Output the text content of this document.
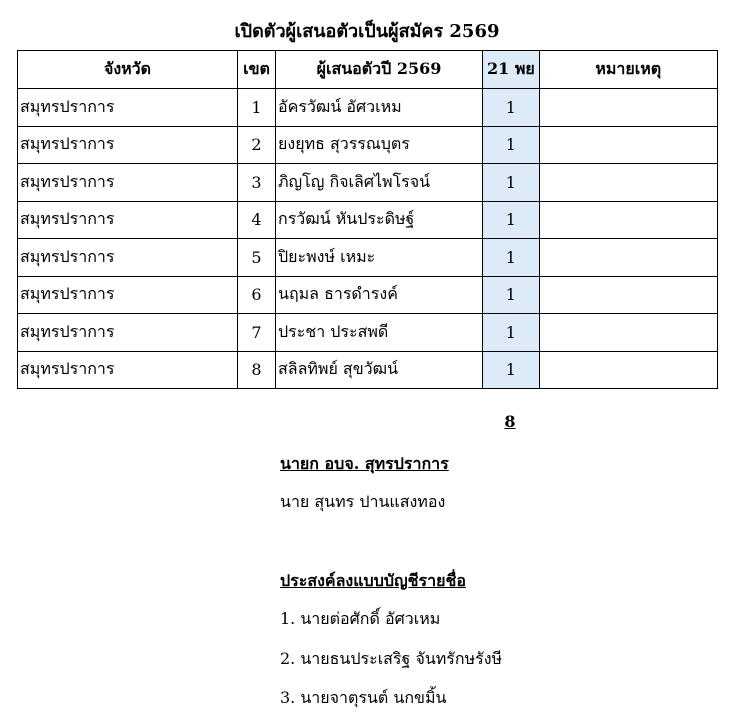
เปิดตัวผู้เสนอตัวเป็นผู้สมัคร 2569
จังหวัด	เขต	ผู้เสนอตัวปี 2569	21 พย	หมายเหตุ
สมุทรปราการ	1	อัครวัฒน์ อัศวเหม	1	
สมุทรปราการ	2	ยงยุทธ สุวรรณบุตร	1	
สมุทรปราการ	3	ภิญโญ กิจเลิศไพโรจน์	1	
สมุทรปราการ	4	กรวัฒน์ หันประดิษฐ์	1	
สมุทรปราการ	5	ปิยะพงษ์ เหมะ	1	
สมุทรปราการ	6	นฤมล ธารดำรงค์	1	
สมุทรปราการ	7	ประชา ประสพดี	1	
สมุทรปราการ	8	สลิลทิพย์ สุขวัฒน์	1	
8
นายก อบจ. สุทรปราการ
นาย สุนทร ปานแสงทอง
ประสงค์ลงแบบบัญชีรายชื่อ
1. นายต่อศักดิ์ อัศวเหม
2. นายธนประเสริฐ จันทรักษรังษี
3. นายจาตุรนต์ นกขมิ้น
